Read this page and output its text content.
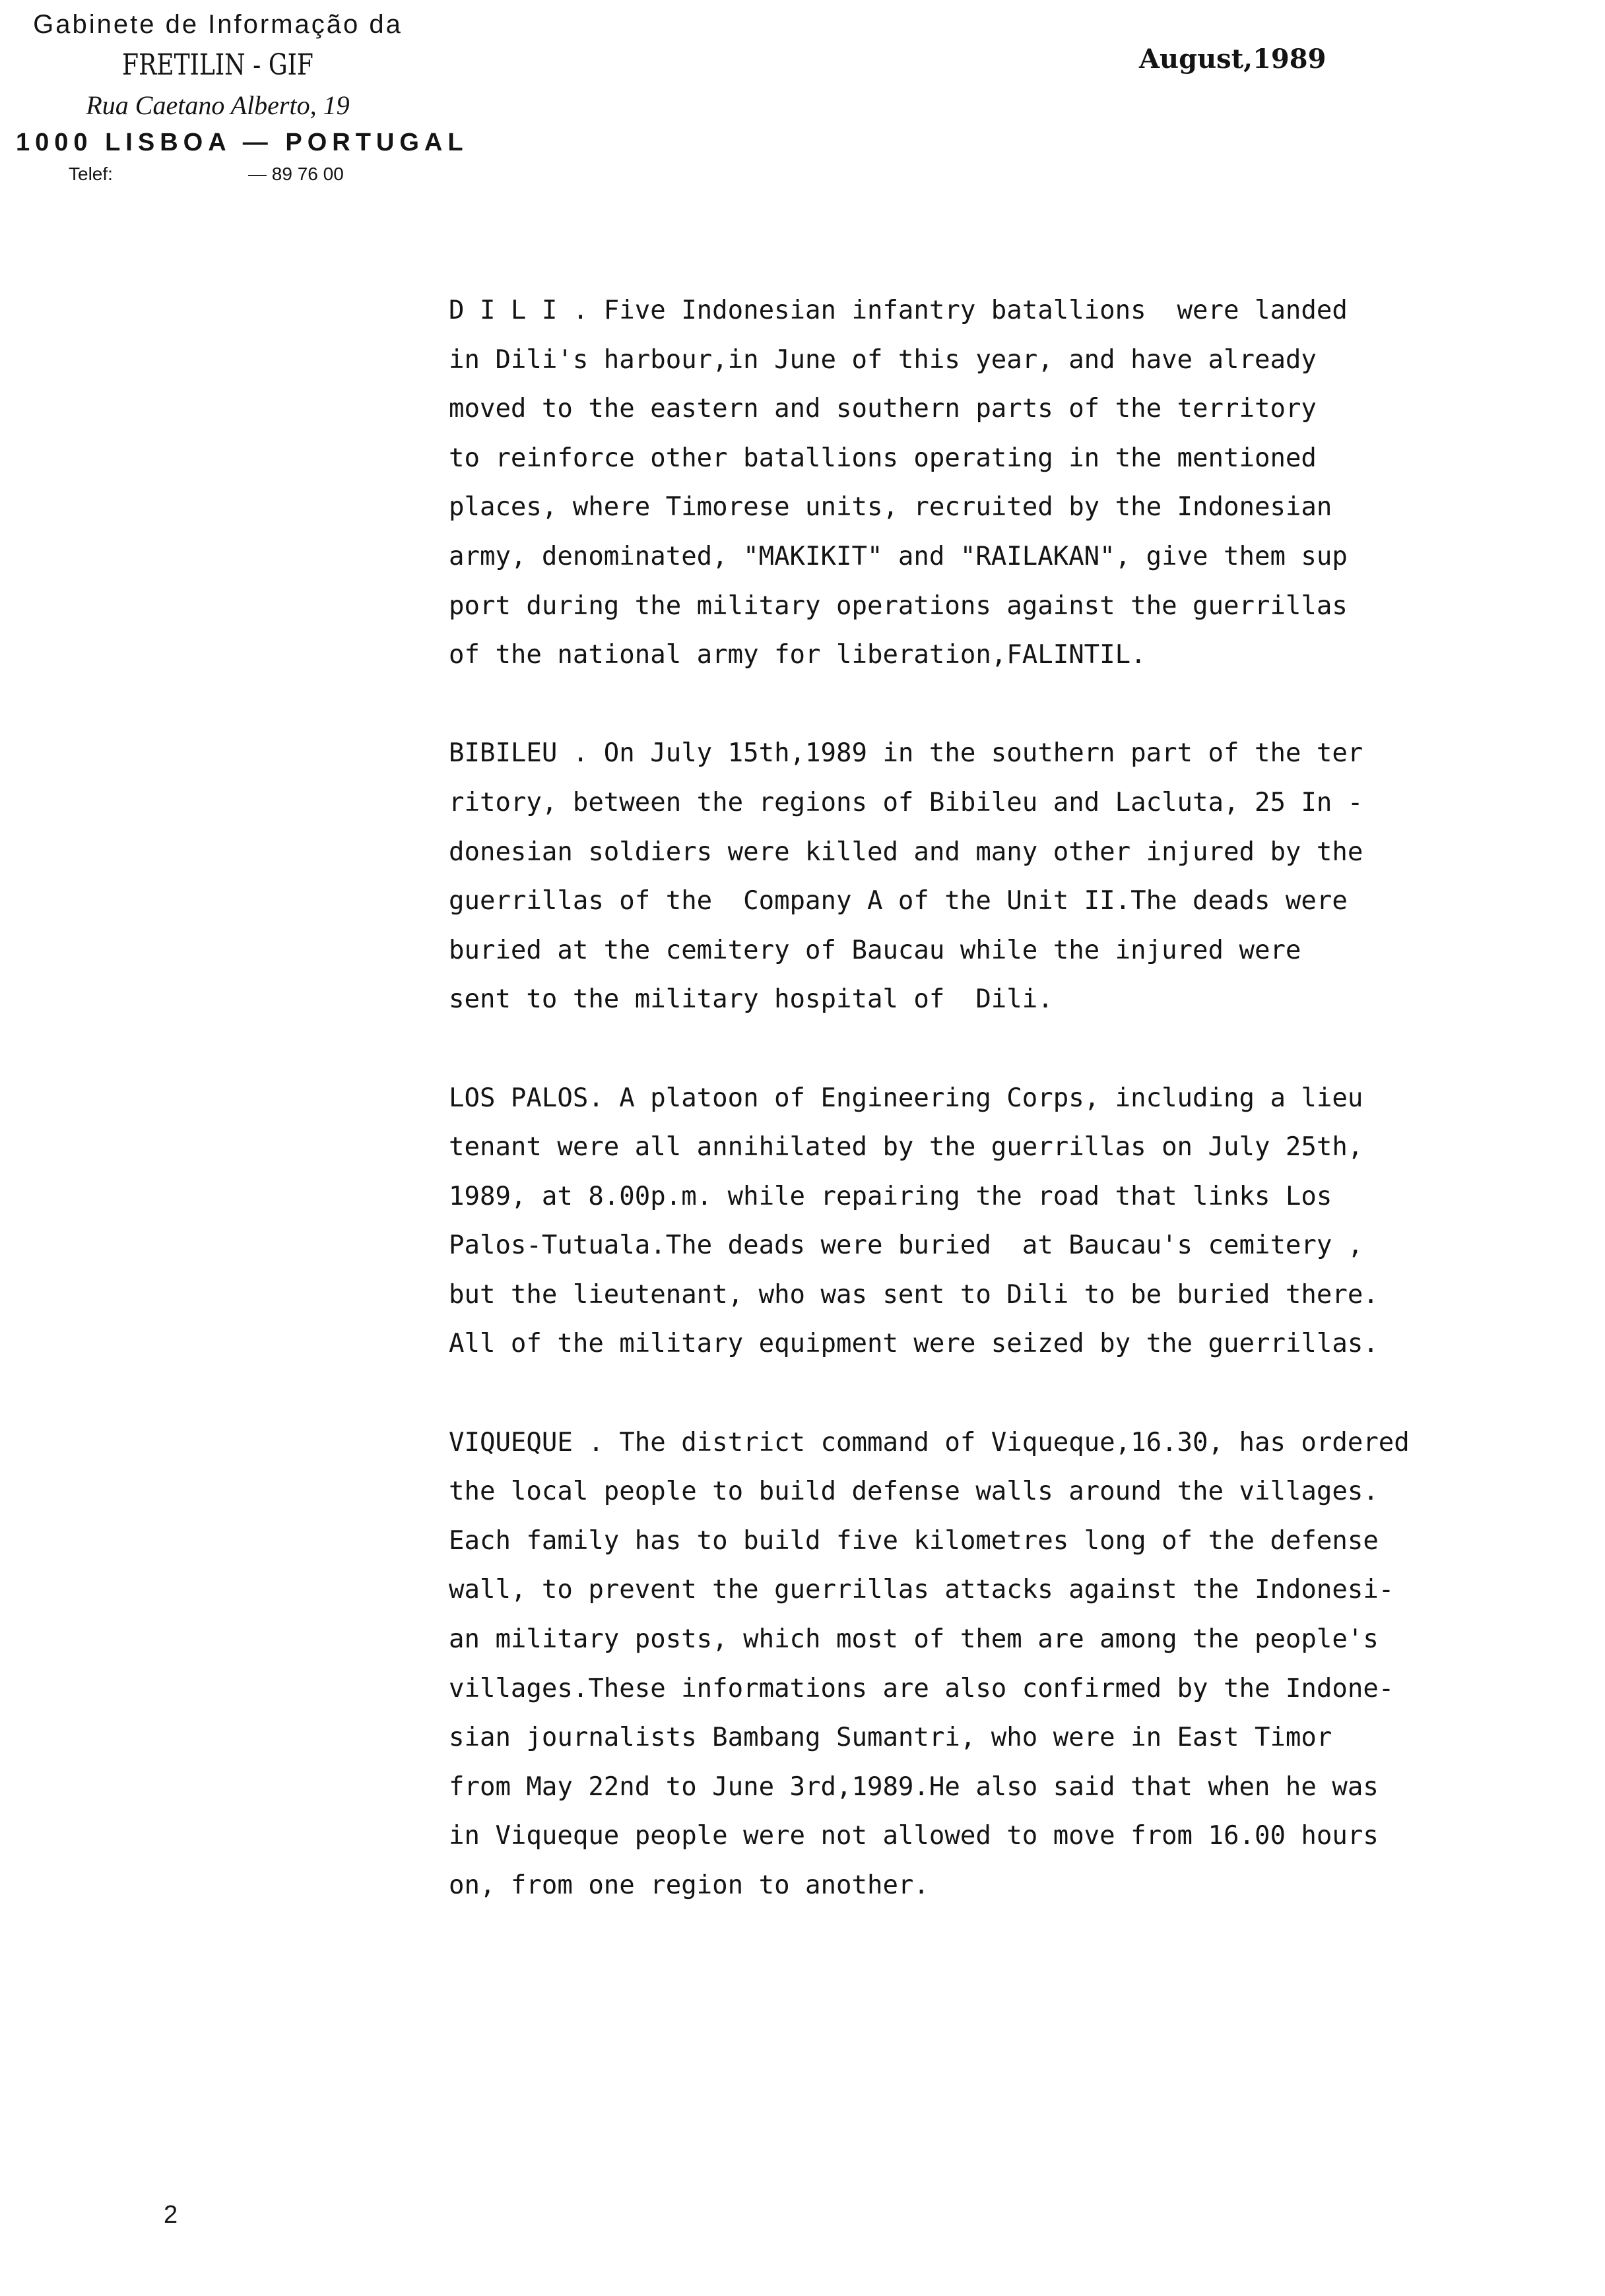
Gabinete de Informação da
FRETILIN - GIF
Rua Caetano Alberto, 19
1000 LISBOA — PORTUGAL
Telef:	— 89 76 00
August,1989
D I L I . Five Indonesian infantry batallions  were landed
in Dili's harbour,in June of this year, and have already
moved to the eastern and southern parts of the territory
to reinforce other batallions operating in the mentioned
places, where Timorese units, recruited by the Indonesian
army, denominated, "MAKIKIT" and "RAILAKAN", give them sup
port during the military operations against the guerrillas
of the national army for liberation,FALINTIL.
BIBILEU . On July 15th,1989 in the southern part of the ter
ritory, between the regions of Bibileu and Lacluta, 25 In -
donesian soldiers were killed and many other injured by the
guerrillas of the  Company A of the Unit II.The deads were
buried at the cemitery of Baucau while the injured were
sent to the military hospital of  Dili.
LOS PALOS. A platoon of Engineering Corps, including a lieu
tenant were all annihilated by the guerrillas on July 25th,
1989, at 8.00p.m. while repairing the road that links Los
Palos-Tutuala.The deads were buried  at Baucau's cemitery ,
but the lieutenant, who was sent to Dili to be buried there.
All of the military equipment were seized by the guerrillas.
VIQUEQUE . The district command of Viqueque,16.30, has ordered
the local people to build defense walls around the villages.
Each family has to build five kilometres long of the defense
wall, to prevent the guerrillas attacks against the Indonesi-
an military posts, which most of them are among the people's
villages.These informations are also confirmed by the Indone-
sian journalists Bambang Sumantri, who were in East Timor
from May 22nd to June 3rd,1989.He also said that when he was
in Viqueque people were not allowed to move from 16.00 hours
on, from one region to another.
2
